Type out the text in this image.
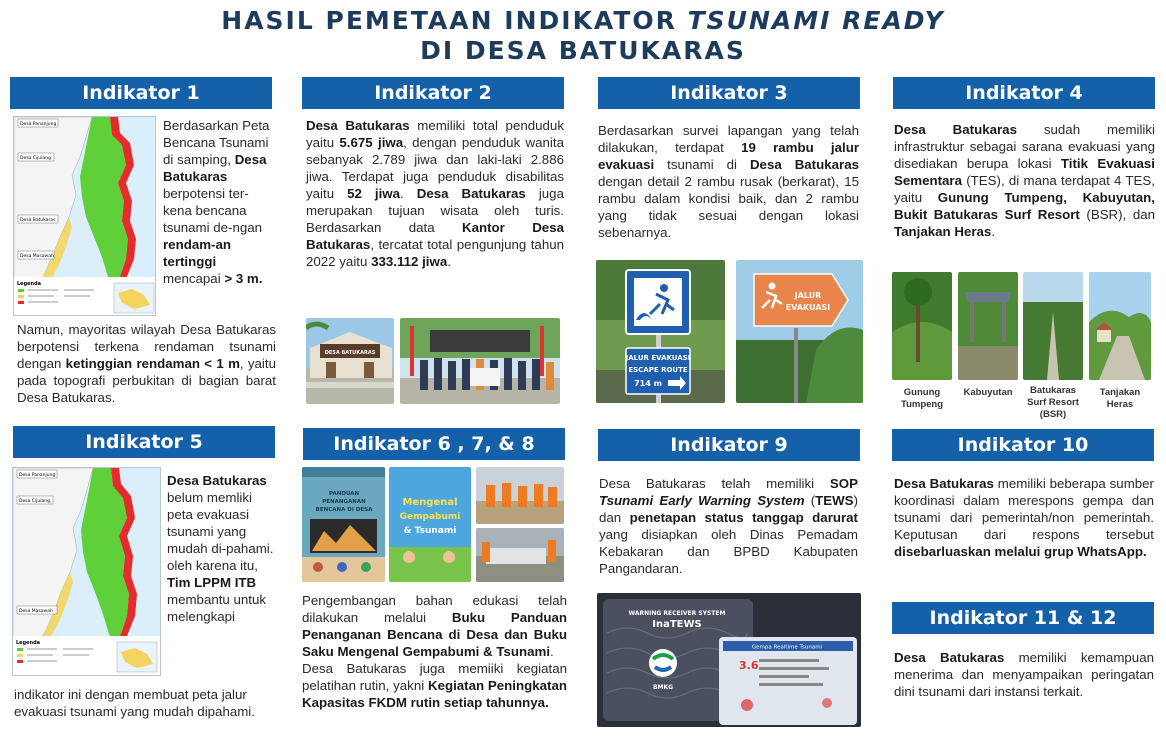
HASIL PEMETAAN INDIKATOR TSUNAMI READY
DI DESA BATUKARAS
Indikator 1
Desa Pananjung
Desa Cijulang
Desa Batukaras
Desa Masawah
Legenda
Berdasarkan Peta Bencana Tsunami di samping, Desa Batukaras berpotensi ter-kena bencana tsunami de-ngan rendam-an tertinggi mencapai > 3 m.
Namun, mayoritas wilayah Desa Batukaras berpotensi terkena rendaman tsunami dengan ketinggian rendaman < 1 m, yaitu pada topografi perbukitan di bagian barat Desa Batukaras.
Indikator 2
Desa Batukaras memiliki total penduduk yaitu 5.675 jiwa, dengan penduduk wanita sebanyak 2.789 jiwa dan laki-laki 2.886 jiwa. Terdapat juga penduduk disabilitas yaitu 52 jiwa. Desa Batukaras juga merupakan tujuan wisata oleh turis. Berdasarkan data Kantor Desa Batukaras, tercatat total pengunjung tahun 2022 yaitu 333.112 jiwa.
DESA BATUKARAS
Indikator 3
Berdasarkan survei lapangan yang telah dilakukan, terdapat 19 rambu jalur evakuasi tsunami di Desa Batukaras dengan detail 2 rambu rusak (berkarat), 15 rambu dalam kondisi baik, dan 2 rambu yang tidak sesuai dengan lokasi sebenarnya.
JALUR EVAKUASI
ESCAPE ROUTE
714 m
JALUR
EVAKUASI
Indikator 4
Desa Batukaras sudah memiliki infrastruktur sebagai sarana evakuasi yang disediakan berupa lokasi Titik Evakuasi Sementara (TES), di mana terdapat 4 TES, yaitu Gunung Tumpeng, Kabuyutan, Bukit Batukaras Surf Resort (BSR), dan Tanjakan Heras.
Gunung Tumpeng
Kabuyutan	Batukaras Surf Resort (BSR)
Tanjakan Heras
Indikator 5
Desa Pananjung
Desa Cijulang
Desa Masawah
Legenda
Desa Batukaras belum memliki peta evakuasi tsunami yang mudah di-pahami. oleh karena itu, Tim LPPM ITB membantu untuk melengkapi
indikator ini dengan membuat peta jalur evakuasi tsunami yang mudah dipahami.
Indikator 6 , 7, & 8
PANDUAN
PENANGANAN
BENCANA DI DESA
Mengenal
Gempabumi
& Tsunami
Pengembangan bahan edukasi telah dilakukan melalui Buku Panduan Penanganan Bencana di Desa dan Buku Saku Mengenal Gempabumi & Tsunami.
Desa Batukaras juga memiiki kegiatan pelatihan rutin, yakni Kegiatan Peningkatan Kapasitas FKDM rutin setiap tahunnya.
Indikator 9
Desa Batukaras telah memiliki SOP Tsunami Early Warning System (TEWS) dan penetapan status tanggap darurat yang disiapkan oleh Dinas Pemadam Kebakaran dan BPBD Kabupaten Pangandaran.
WARNING RECEIVER SYSTEM
InaTEWS
BMKG
Gempa Realtime Tsunami
3.6
Indikator 10
Desa Batukaras memiliki beberapa sumber koordinasi dalam merespons gempa dan tsunami dari pemerintah/non pemerintah. Keputusan dari respons tersebut disebarluaskan melalui grup WhatsApp.
Indikator 11 & 12
Desa Batukaras memiliki kemampuan menerima dan menyampaikan peringatan dini tsunami dari instansi terkait.
